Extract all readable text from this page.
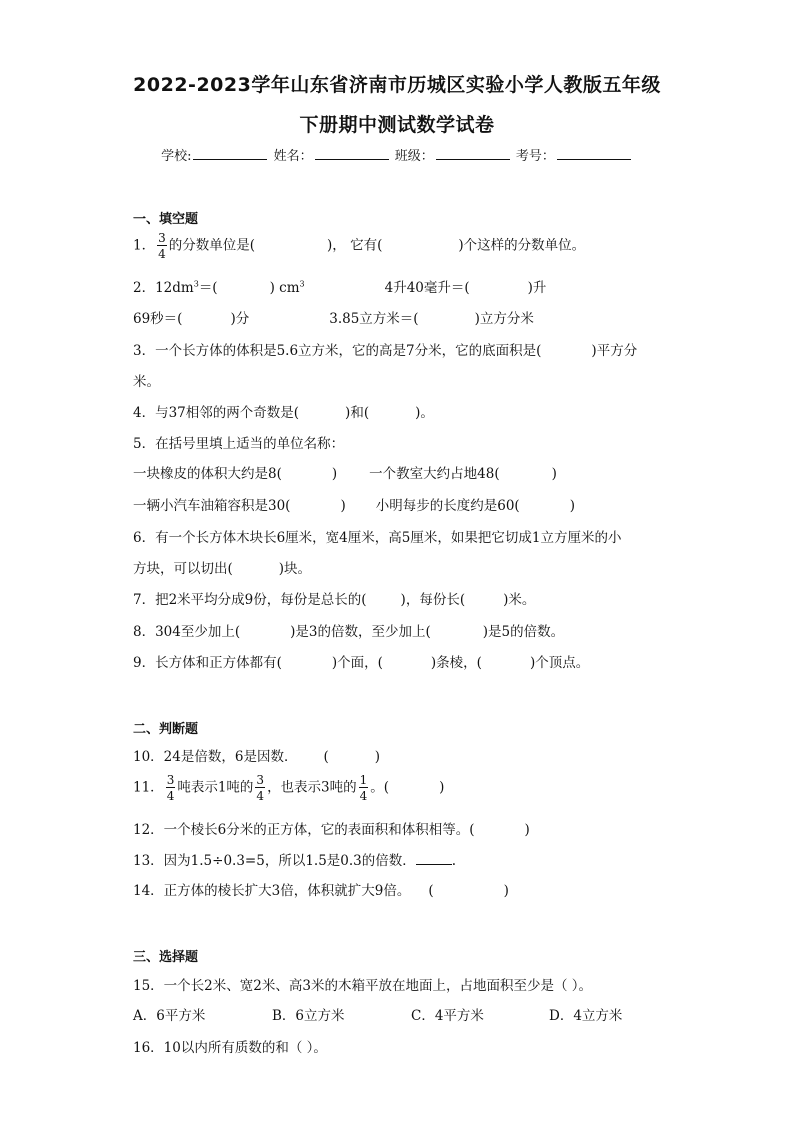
2022-2023学年山东省济南市历城区实验小学人教版五年级
下册期中测试数学试卷
学校:	姓名：	班级：	考号：
一、填空题
1． $\frac{3}{4}$ 的分数单位是(	)， 它有(	)个这样的分数单位。
2．$12dm^3=$(	) $cm^3$	4升40毫升＝(	)升
69秒＝(	)分	3.85立方米＝(	)立方分米
3．一个长方体的体积是5.6立方米，它的高是7分米，它的底面积是(	)平方分
米。
4．与37相邻的两个奇数是(	)和(	)。
5．在括号里填上适当的单位名称：
一块橡皮的体积大约是8(	) 一个教室大约占地48(	)
一辆小汽车油箱容积是30(	) 小明每步的长度约是60(	)
6．有一个长方体木块长6厘米，宽4厘米，高5厘米，如果把它切成1立方厘米的小
方块，可以切出(	)块。
7．把2米平均分成9份，每份是总长的(	)，每份长(	)米。
8．304至少加上(	)是3的倍数，至少加上(	)是5的倍数。
9．长方体和正方体都有(	)个面，(	)条棱，(	)个顶点。
二、判断题
10．24是倍数，6是因数． (	)
11． $\frac{3}{4}$ 吨表示1吨的 $\frac{3}{4}$ ，也表示3吨的 $\frac{1}{4}$ 。(	)
12．一个棱长6分米的正方体，它的表面积和体积相等。(	)
13．因为1.5÷0.3=5，所以1.5是0.3的倍数．	.
14．正方体的棱长扩大3倍，体积就扩大9倍。 (	)
三、选择题
15．一个长2米、宽2米、高3米的木箱平放在地面上，占地面积至少是（ ）。
A．6平方米	B．6立方米	C．4平方米	D．4立方米
16．10以内所有质数的和（ ）。
